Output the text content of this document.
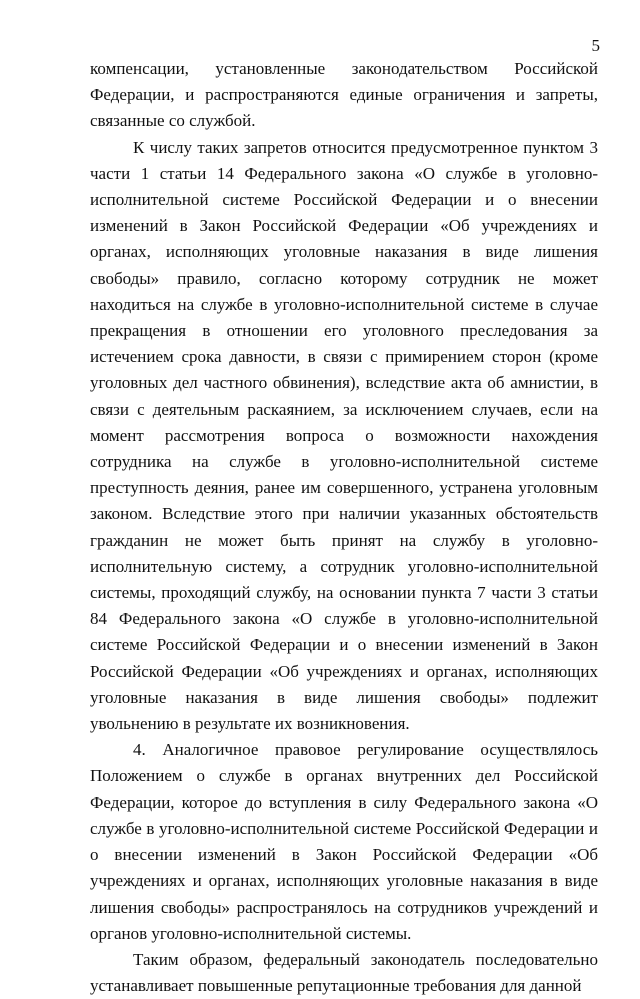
5

компенсации, установленные законодательством Российской Федерации, и распространяются единые ограничения и запреты, связанные со службой.

К числу таких запретов относится предусмотренное пунктом 3 части 1 статьи 14 Федерального закона «О службе в уголовно-исполнительной системе Российской Федерации и о внесении изменений в Закон Российской Федерации «Об учреждениях и органах, исполняющих уголовные наказания в виде лишения свободы» правило, согласно которому сотрудник не может находиться на службе в уголовно-исполнительной системе в случае прекращения в отношении его уголовного преследования за истечением срока давности, в связи с примирением сторон (кроме уголовных дел частного обвинения), вследствие акта об амнистии, в связи с деятельным раскаянием, за исключением случаев, если на момент рассмотрения вопроса о возможности нахождения сотрудника на службе в уголовно-исполнительной системе преступность деяния, ранее им совершенного, устранена уголовным законом. Вследствие этого при наличии указанных обстоятельств гражданин не может быть принят на службу в уголовно-исполнительную систему, а сотрудник уголовно-исполнительной системы, проходящий службу, на основании пункта 7 части 3 статьи 84 Федерального закона «О службе в уголовно-исполнительной системе Российской Федерации и о внесении изменений в Закон Российской Федерации «Об учреждениях и органах, исполняющих уголовные наказания в виде лишения свободы» подлежит увольнению в результате их возникновения.

4. Аналогичное правовое регулирование осуществлялось Положением о службе в органах внутренних дел Российской Федерации, которое до вступления в силу Федерального закона «О службе в уголовно-исполнительной системе Российской Федерации и о внесении изменений в Закон Российской Федерации «Об учреждениях и органах, исполняющих уголовные наказания в виде лишения свободы» распространялось на сотрудников учреждений и органов уголовно-исполнительной системы.

Таким образом, федеральный законодатель последовательно устанавливает повышенные репутационные требования для данной
